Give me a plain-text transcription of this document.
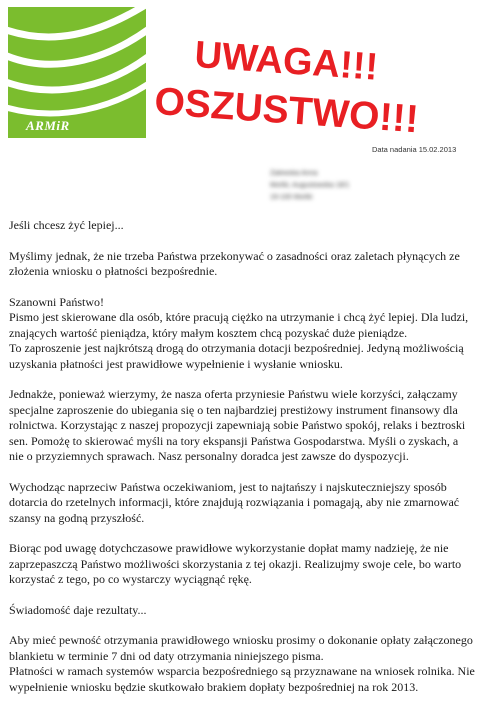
ARMiR
UWAGA!!!
OSZUSTWO!!!
Data nadania 15.02.2013
Zalewska Anna
Mońki, Augustowska 18/1
19-100 Mońki

Jeśli chcesz żyć lepiej...

Myślimy jednak, że nie trzeba Państwa przekonywać o zasadności oraz zaletach płynących ze złożenia wniosku o płatności bezpośrednie.

Szanowni Państwo!

Pismo jest skierowane dla osób, które pracują ciężko na utrzymanie i chcą żyć lepiej. Dla ludzi, znających wartość pieniądza, który małym kosztem chcą pozyskać duże pieniądze.

To zaproszenie jest najkrótszą drogą do otrzymania dotacji bezpośredniej. Jedyną możliwością uzyskania płatności jest prawidłowe wypełnienie i wysłanie wniosku.

Jednakże, ponieważ wierzymy, że nasza oferta przyniesie Państwu wiele korzyści, załączamy specjalne zaproszenie do ubiegania się o ten najbardziej prestiżowy instrument finansowy dla rolnictwa. Korzystając z naszej propozycji zapewniają sobie Państwo spokój, relaks i beztroski sen. Pomożę to skierować myśli na tory ekspansji Państwa Gospodarstwa. Myśli o zyskach, a nie o przyziemnych sprawach. Nasz personalny doradca jest zawsze do dyspozycji.

Wychodząc naprzeciw Państwa oczekiwaniom, jest to najtańszy i najskuteczniejszy sposób dotarcia do rzetelnych informacji, które znajdują rozwiązania i pomagają, aby nie zmarnować szansy na godną przyszłość.

Biorąc pod uwagę dotychczasowe prawidłowe wykorzystanie dopłat mamy nadzieję, że nie zaprzepaszczą Państwo możliwości skorzystania z tej okazji. Realizujmy swoje cele, bo warto korzystać z tego, po co wystarczy wyciągnąć rękę.

Świadomość daje rezultaty...

Aby mieć pewność otrzymania prawidłowego wniosku prosimy o dokonanie opłaty załączonego blankietu w terminie 7 dni od daty otrzymania niniejszego pisma.

Płatności w ramach systemów wsparcia bezpośredniego są przyznawane na wniosek rolnika. Nie wypełnienie wniosku będzie skutkowało brakiem dopłaty bezpośredniej na rok 2013.
